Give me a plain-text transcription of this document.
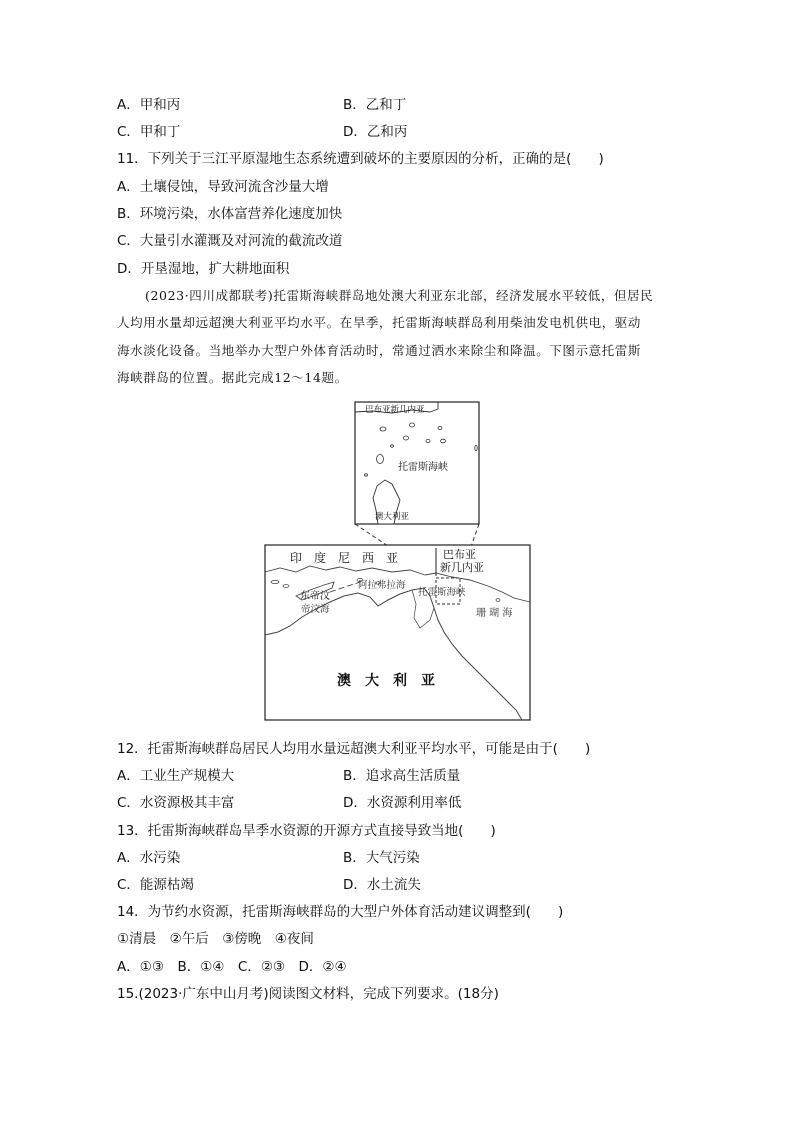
A．甲和丙	B．乙和丁
C．甲和丁	D．乙和丙
11．下列关于三江平原湿地生态系统遭到破坏的主要原因的分析，正确的是(　　)
A．土壤侵蚀，导致河流含沙量大增
B．环境污染，水体富营养化速度加快
C．大量引水灌溉及对河流的截流改道
D．开垦湿地，扩大耕地面积
(2023·四川成都联考)托雷斯海峡群岛地处澳大利亚东北部，经济发展水平较低，但居民
人均用水量却远超澳大利亚平均水平。在旱季，托雷斯海峡群岛利用柴油发电机供电，驱动
海水淡化设备。当地举办大型户外体育活动时，常通过洒水来除尘和降温。下图示意托雷斯
海峡群岛的位置。据此完成12～14题。
巴布亚新几内亚
托雷斯海峡
澳大利亚
印　度　尼　西　亚	巴布亚
新几内亚
东帝汶
阿拉弗拉海
帝汶海
托雷斯海峡
珊 瑚 海
澳　大　利　亚
12．托雷斯海峡群岛居民人均用水量远超澳大利亚平均水平，可能是由于(　　)
A．工业生产规模大	B．追求高生活质量
C．水资源极其丰富	D．水资源利用率低
13．托雷斯海峡群岛旱季水资源的开源方式直接导致当地(　　)
A．水污染	B．大气污染
C．能源枯竭	D．水土流失
14．为节约水资源，托雷斯海峡群岛的大型户外体育活动建议调整到(　　)
①清晨　②午后　③傍晚　④夜间
A．①③　B．①④　C．②③　D．②④
15.(2023·广东中山月考)阅读图文材料，完成下列要求。(18分)
